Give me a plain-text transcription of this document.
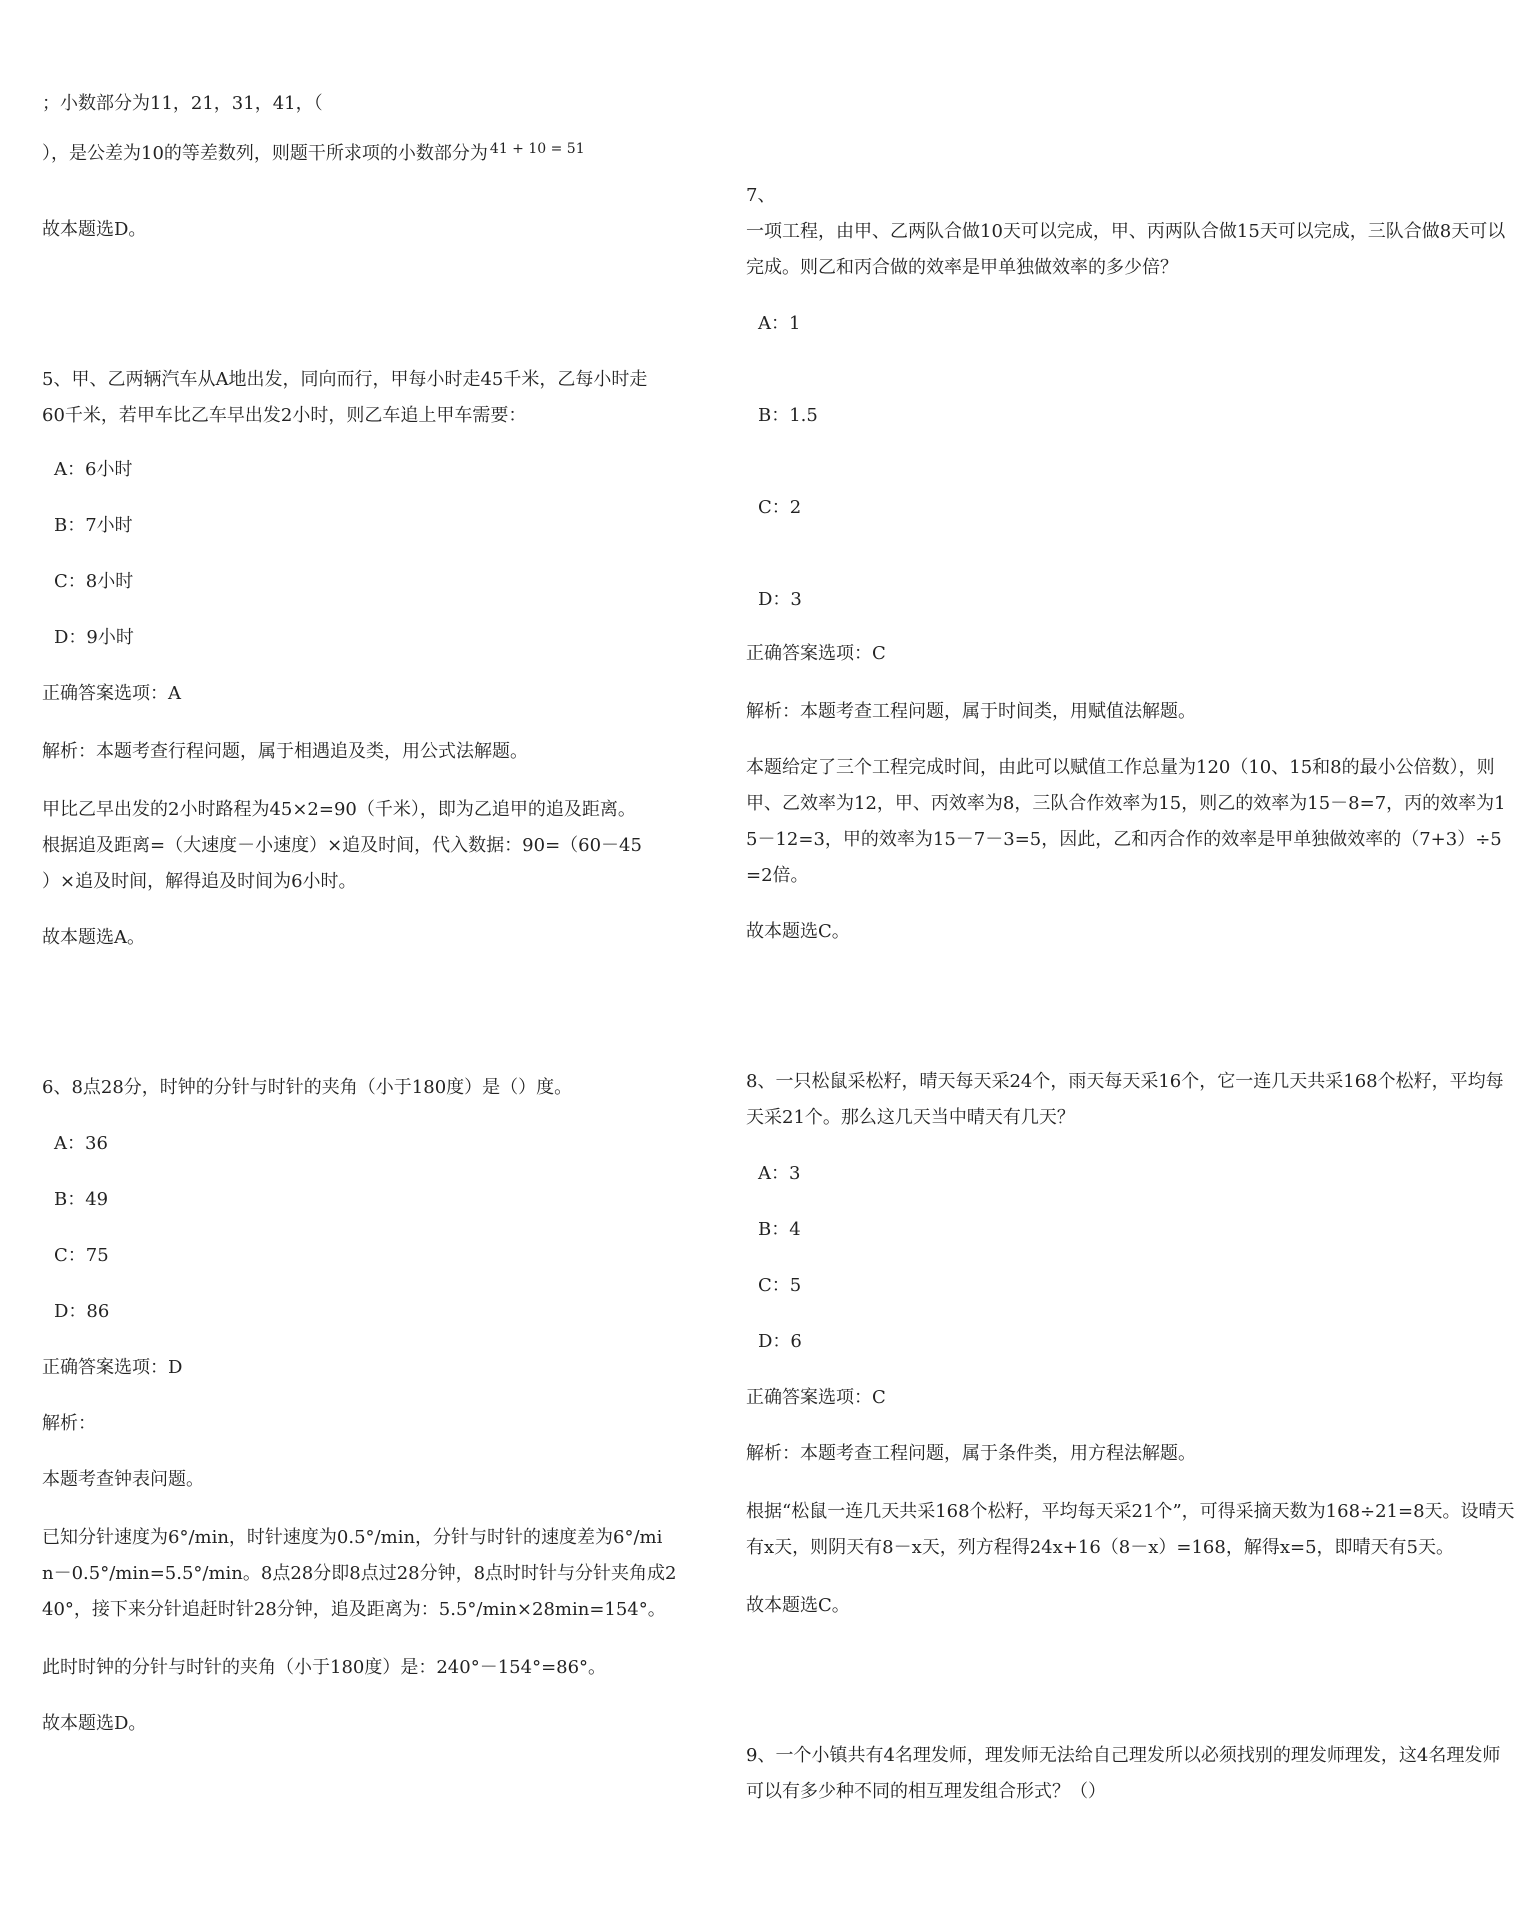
；小数部分为11，21，31，41，（

），是公差为10的等差数列，则题干所求项的小数部分为 $^{41 + 10 = 51}$

故本题选D。

5、甲、乙两辆汽车从A地出发，同向而行，甲每小时走45千米，乙每小时走

60千米，若甲车比乙车早出发2小时，则乙车追上甲车需要：

A：6小时

B：7小时

C：8小时

D：9小时

正确答案选项：A

解析：本题考查行程问题，属于相遇追及类，用公式法解题。

甲比乙早出发的2小时路程为45×2=90（千米），即为乙追甲的追及距离。

根据追及距离=（大速度－小速度）×追及时间，代入数据：90=（60－45

）×追及时间，解得追及时间为6小时。

故本题选A。

6、8点28分，时钟的分针与时针的夹角（小于180度）是（）度。

A：36

B：49

C：75

D：86

正确答案选项：D

解析：

本题考查钟表问题。

已知分针速度为6°/min，时针速度为0.5°/min，分针与时针的速度差为6°/mi

n－0.5°/min=5.5°/min。8点28分即8点过28分钟，8点时时针与分针夹角成2

40°，接下来分针追赶时针28分钟，追及距离为：5.5°/min×28min=154°。

此时时钟的分针与时针的夹角（小于180度）是：240°－154°=86°。

故本题选D。

7、

一项工程，由甲、乙两队合做10天可以完成，甲、丙两队合做15天可以完成，三队合做8天可以

完成。则乙和丙合做的效率是甲单独做效率的多少倍？

A：1

B：1.5

C：2

D：3

正确答案选项：C

解析：本题考查工程问题，属于时间类，用赋值法解题。

本题给定了三个工程完成时间，由此可以赋值工作总量为120（10、15和8的最小公倍数），则

甲、乙效率为12，甲、丙效率为8，三队合作效率为15，则乙的效率为15－8=7，丙的效率为1

5－12=3，甲的效率为15－7－3=5，因此，乙和丙合作的效率是甲单独做效率的（7+3）÷5

=2倍。

故本题选C。

8、一只松鼠采松籽，晴天每天采24个，雨天每天采16个，它一连几天共采168个松籽，平均每

天采21个。那么这几天当中晴天有几天？

A：3

B：4

C：5

D：6

正确答案选项：C

解析：本题考查工程问题，属于条件类，用方程法解题。

根据“松鼠一连几天共采168个松籽，平均每天采21个”，可得采摘天数为168÷21=8天。设晴天

有x天，则阴天有8－x天，列方程得24x+16（8－x）=168，解得x=5，即晴天有5天。

故本题选C。

9、一个小镇共有4名理发师，理发师无法给自己理发所以必须找别的理发师理发，这4名理发师

可以有多少种不同的相互理发组合形式？（）
